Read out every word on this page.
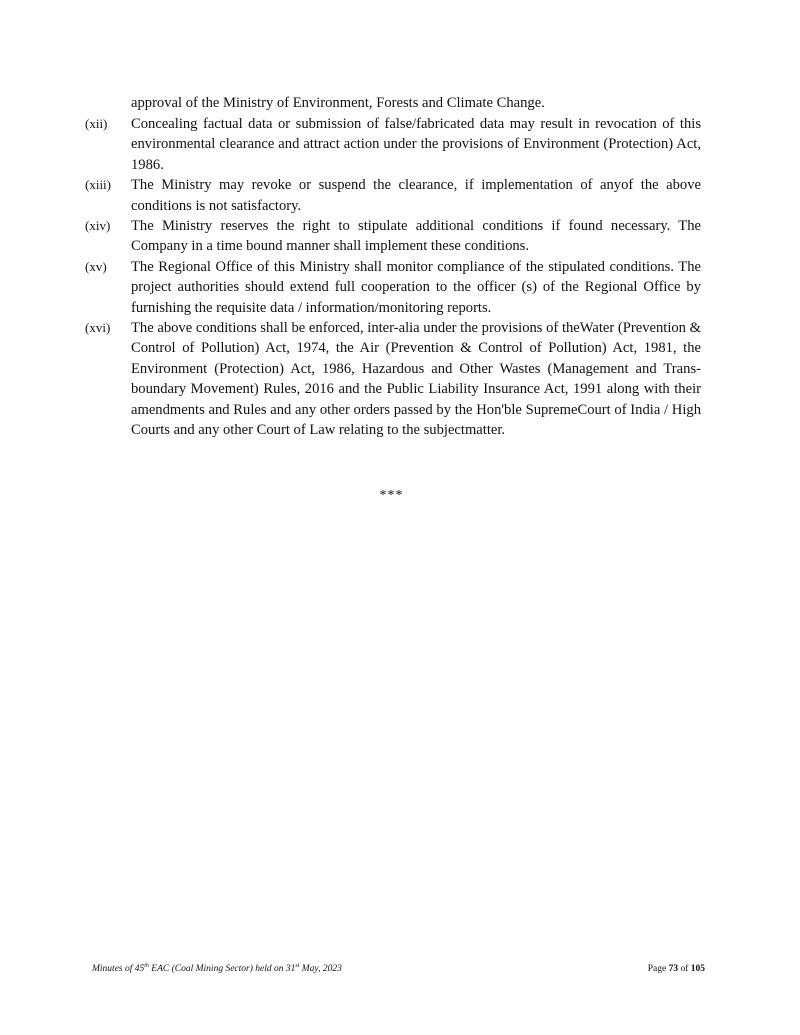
approval of the Ministry of Environment, Forests and Climate Change.
(xii)	Concealing factual data or submission of false/fabricated data may result in revocation of this environmental clearance and attract action under the provisions of Environment (Protection) Act, 1986.
(xiii)	The Ministry may revoke or suspend the clearance, if implementation of anyof the above conditions is not satisfactory.
(xiv)	The Ministry reserves the right to stipulate additional conditions if found necessary. The Company in a time bound manner shall implement these conditions.
(xv)	The Regional Office of this Ministry shall monitor compliance of the stipulated conditions. The project authorities should extend full cooperation to the officer (s) of the Regional Office by furnishing the requisite data / information/monitoring reports.
(xvi)	The above conditions shall be enforced, inter-alia under the provisions of theWater (Prevention & Control of Pollution) Act, 1974, the Air (Prevention & Control of Pollution) Act, 1981, the Environment (Protection) Act, 1986, Hazardous and Other Wastes (Management and Trans-boundary Movement) Rules, 2016 and the Public Liability Insurance Act, 1991 along with their amendments and Rules and any other orders passed by the Hon'ble SupremeCourt of India / High Courts and any other Court of Law relating to the subjectmatter.
***
Minutes of 45th EAC (Coal Mining Sector) held on 31st May, 2023	Page 73 of 105
